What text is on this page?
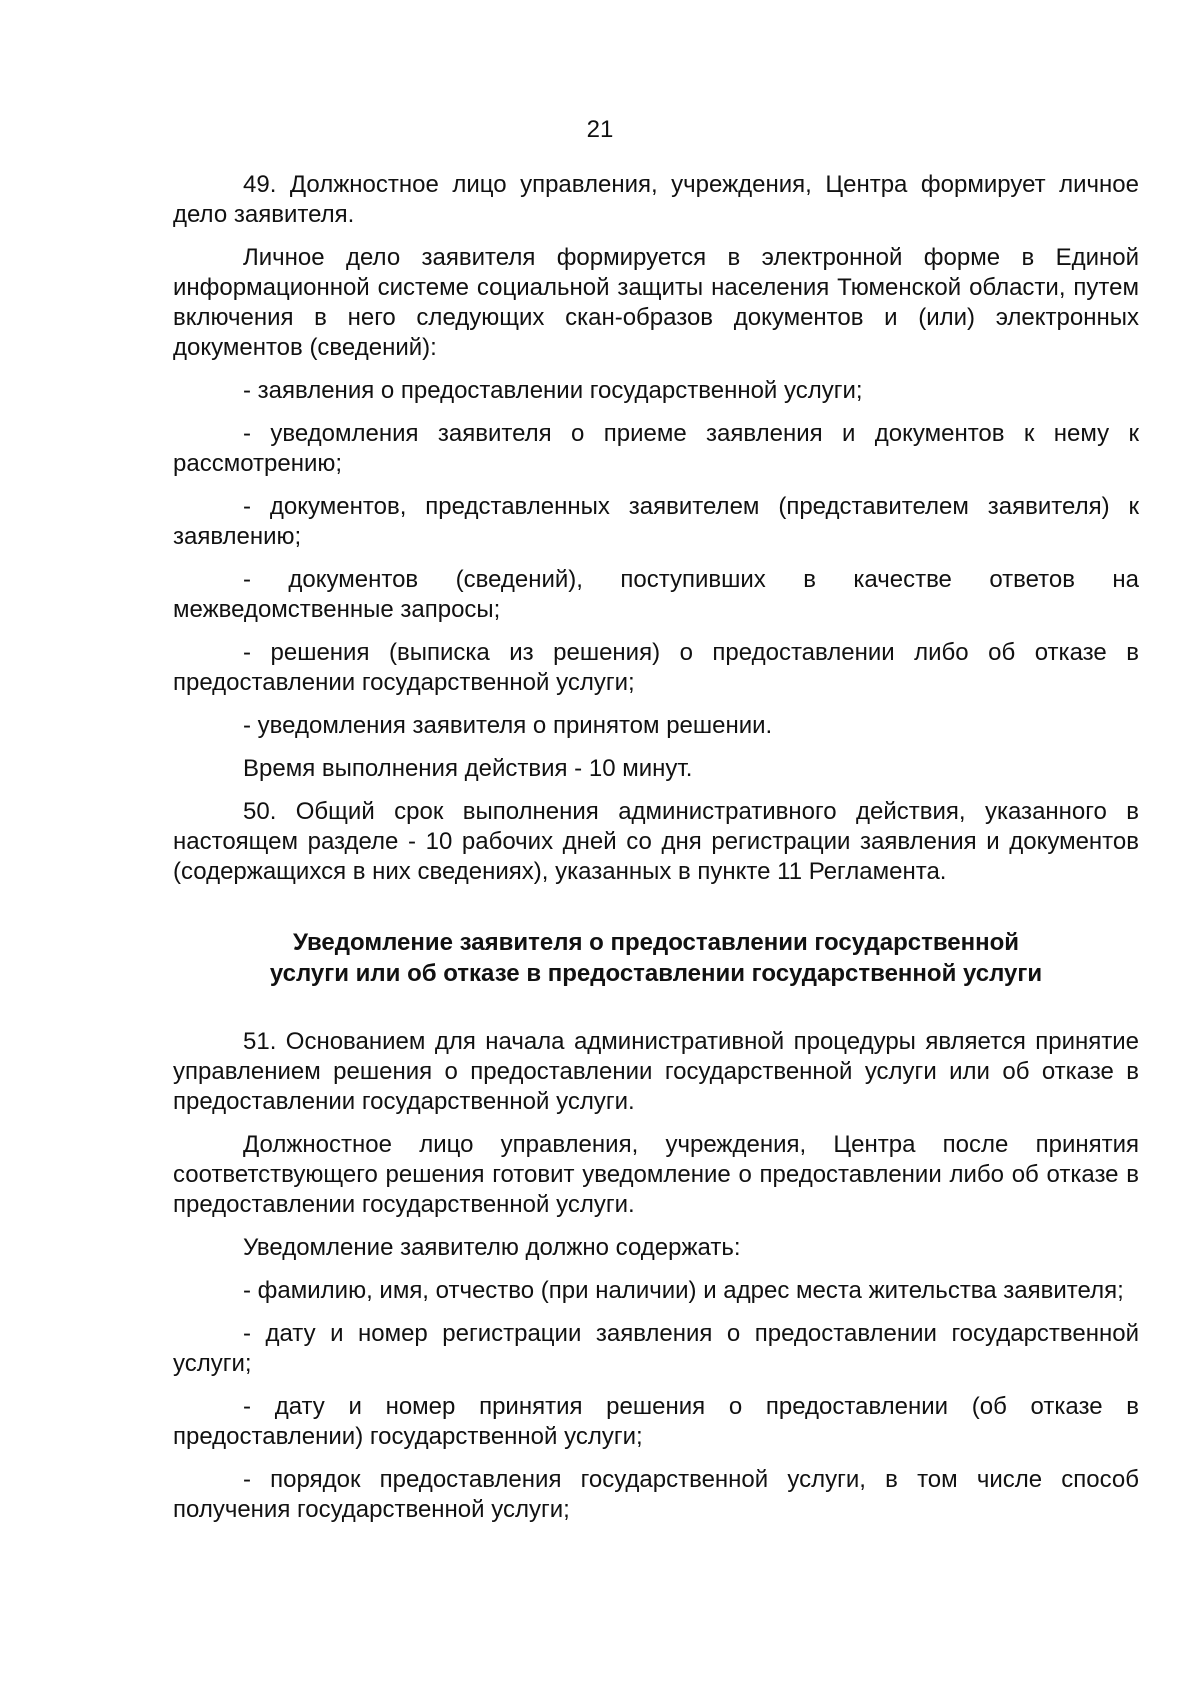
21

49. Должностное лицо управления, учреждения, Центра формирует личное дело заявителя.

Личное дело заявителя формируется в электронной форме в Единой информационной системе социальной защиты населения Тюменской области, путем включения в него следующих скан-образов документов и (или) электронных документов (сведений):

- заявления о предоставлении государственной услуги;

- уведомления заявителя о приеме заявления и документов к нему к рассмотрению;

- документов, представленных заявителем (представителем заявителя) к заявлению;

- документов (сведений), поступивших в качестве ответов на межведомственные запросы;

- решения (выписка из решения) о предоставлении либо об отказе в предоставлении государственной услуги;

- уведомления заявителя о принятом решении.

Время выполнения действия - 10 минут.

50. Общий срок выполнения административного действия, указанного в настоящем разделе - 10 рабочих дней со дня регистрации заявления и документов (содержащихся в них сведениях), указанных в пункте 11 Регламента.

Уведомление заявителя о предоставлении государственной
услуги или об отказе в предоставлении государственной услуги

51. Основанием для начала административной процедуры является принятие управлением решения о предоставлении государственной услуги или об отказе в предоставлении государственной услуги.

Должностное лицо управления, учреждения, Центра после принятия соответствующего решения готовит уведомление о предоставлении либо об отказе в предоставлении государственной услуги.

Уведомление заявителю должно содержать:

- фамилию, имя, отчество (при наличии) и адрес места жительства заявителя;

- дату и номер регистрации заявления о предоставлении государственной услуги;

- дату и номер принятия решения о предоставлении (об отказе в предоставлении) государственной услуги;

- порядок предоставления государственной услуги, в том числе способ получения государственной услуги;
